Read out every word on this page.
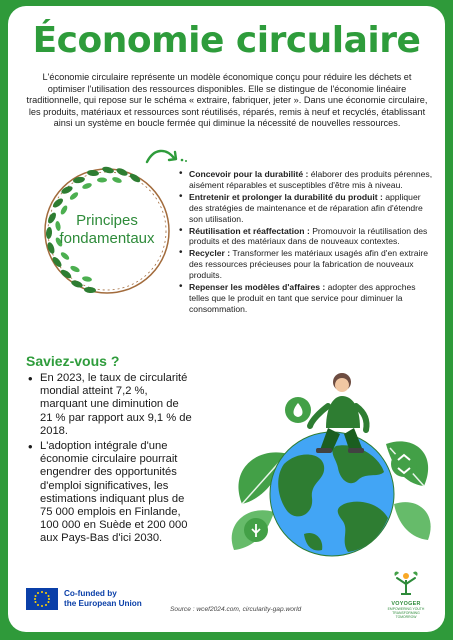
Économie circulaire

L'économie circulaire représente un modèle économique conçu pour réduire les déchets et optimiser l'utilisation des ressources disponibles. Elle se distingue de l'économie linéaire traditionnelle, qui repose sur le schéma « extraire, fabriquer, jeter ». Dans une économie circulaire, les produits, matériaux et ressources sont réutilisés, réparés, remis à neuf et recyclés, établissant ainsi un système en boucle fermée qui diminue la nécessité de nouvelles ressources.

Principes
fondamentaux
• Concevoir pour la durabilité : élaborer des produits pérennes, aisément réparables et susceptibles d'être mis à niveau.
• Entretenir et prolonger la durabilité du produit : appliquer des stratégies de maintenance et de réparation afin d'étendre son utilisation.
• Réutilisation et réaffectation : Promouvoir la réutilisation des produits et des matériaux dans de nouveaux contextes.
• Recycler : Transformer les matériaux usagés afin d'en extraire des ressources précieuses pour la fabrication de nouveaux produits.
• Repenser les modèles d'affaires : adopter des approches telles que le produit en tant que service pour diminuer la consommation.
Saviez-vous ?
• En 2023, le taux de circularité mondial atteint 7,2 %, marquant une diminution de 21 % par rapport aux 9,1 % de 2018.
• L'adoption intégrale d'une économie circulaire pourrait engendrer des opportunités d'emploi significatives, les estimations indiquant plus de 75 000 emplois en Finlande, 100 000 en Suède et 200 000 aux Pays-Bas d'ici 2030.
Co-funded by
the European Union
Source : wcef2024.com, circularity-gap.world
VOYOGER
EMPOWERING YOUTH
TRANSFORMING
TOMORROW
